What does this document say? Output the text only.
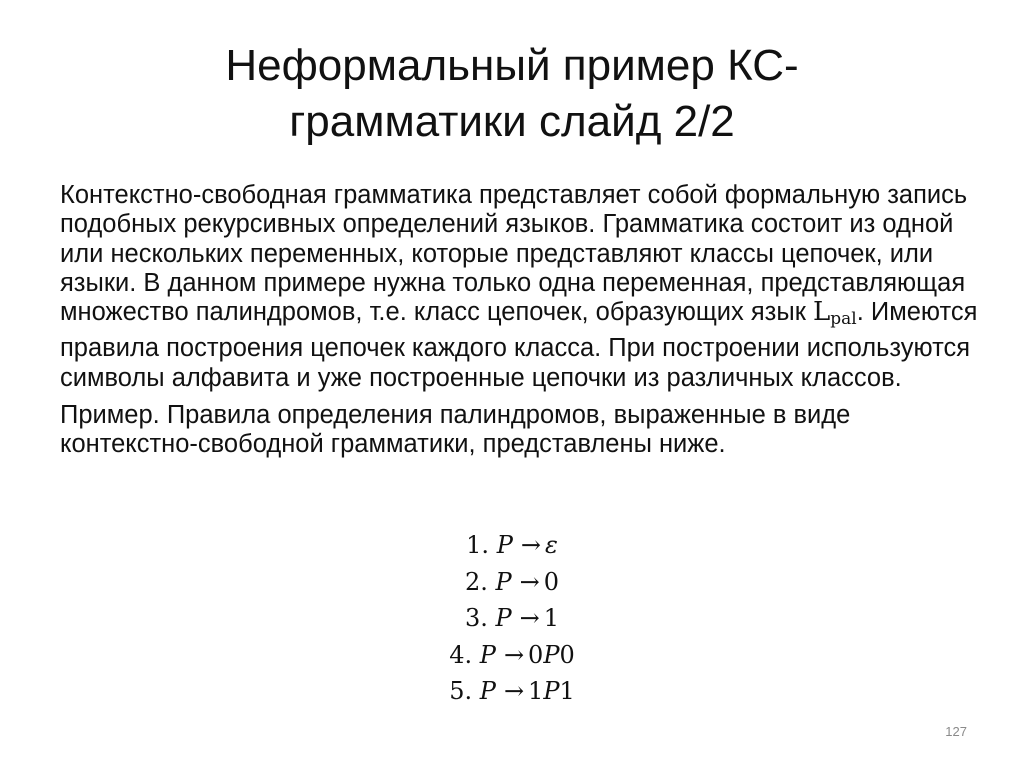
Неформальный пример КС-
грамматики слайд 2/2

Контекстно-свободная грамматика представляет собой формальную запись подобных рекурсивных определений языков. Грамматика состоит из одной или нескольких переменных, которые представляют классы цепочек, или языки. В данном примере нужна только одна переменная, представляющая множество палиндромов, т.е. класс цепочек, образующих язык $L_{pal}$. Имеются правила построения цепочек каждого класса. При построении используются символы алфавита и уже построенные цепочки из различных классов.

Пример. Правила определения палиндромов, выраженные в виде контекстно-свободной грамматики, представлены ниже.

1. P → ε
2. P → 0
3. P → 1
4. P → 0P0
5. P → 1P1
127
